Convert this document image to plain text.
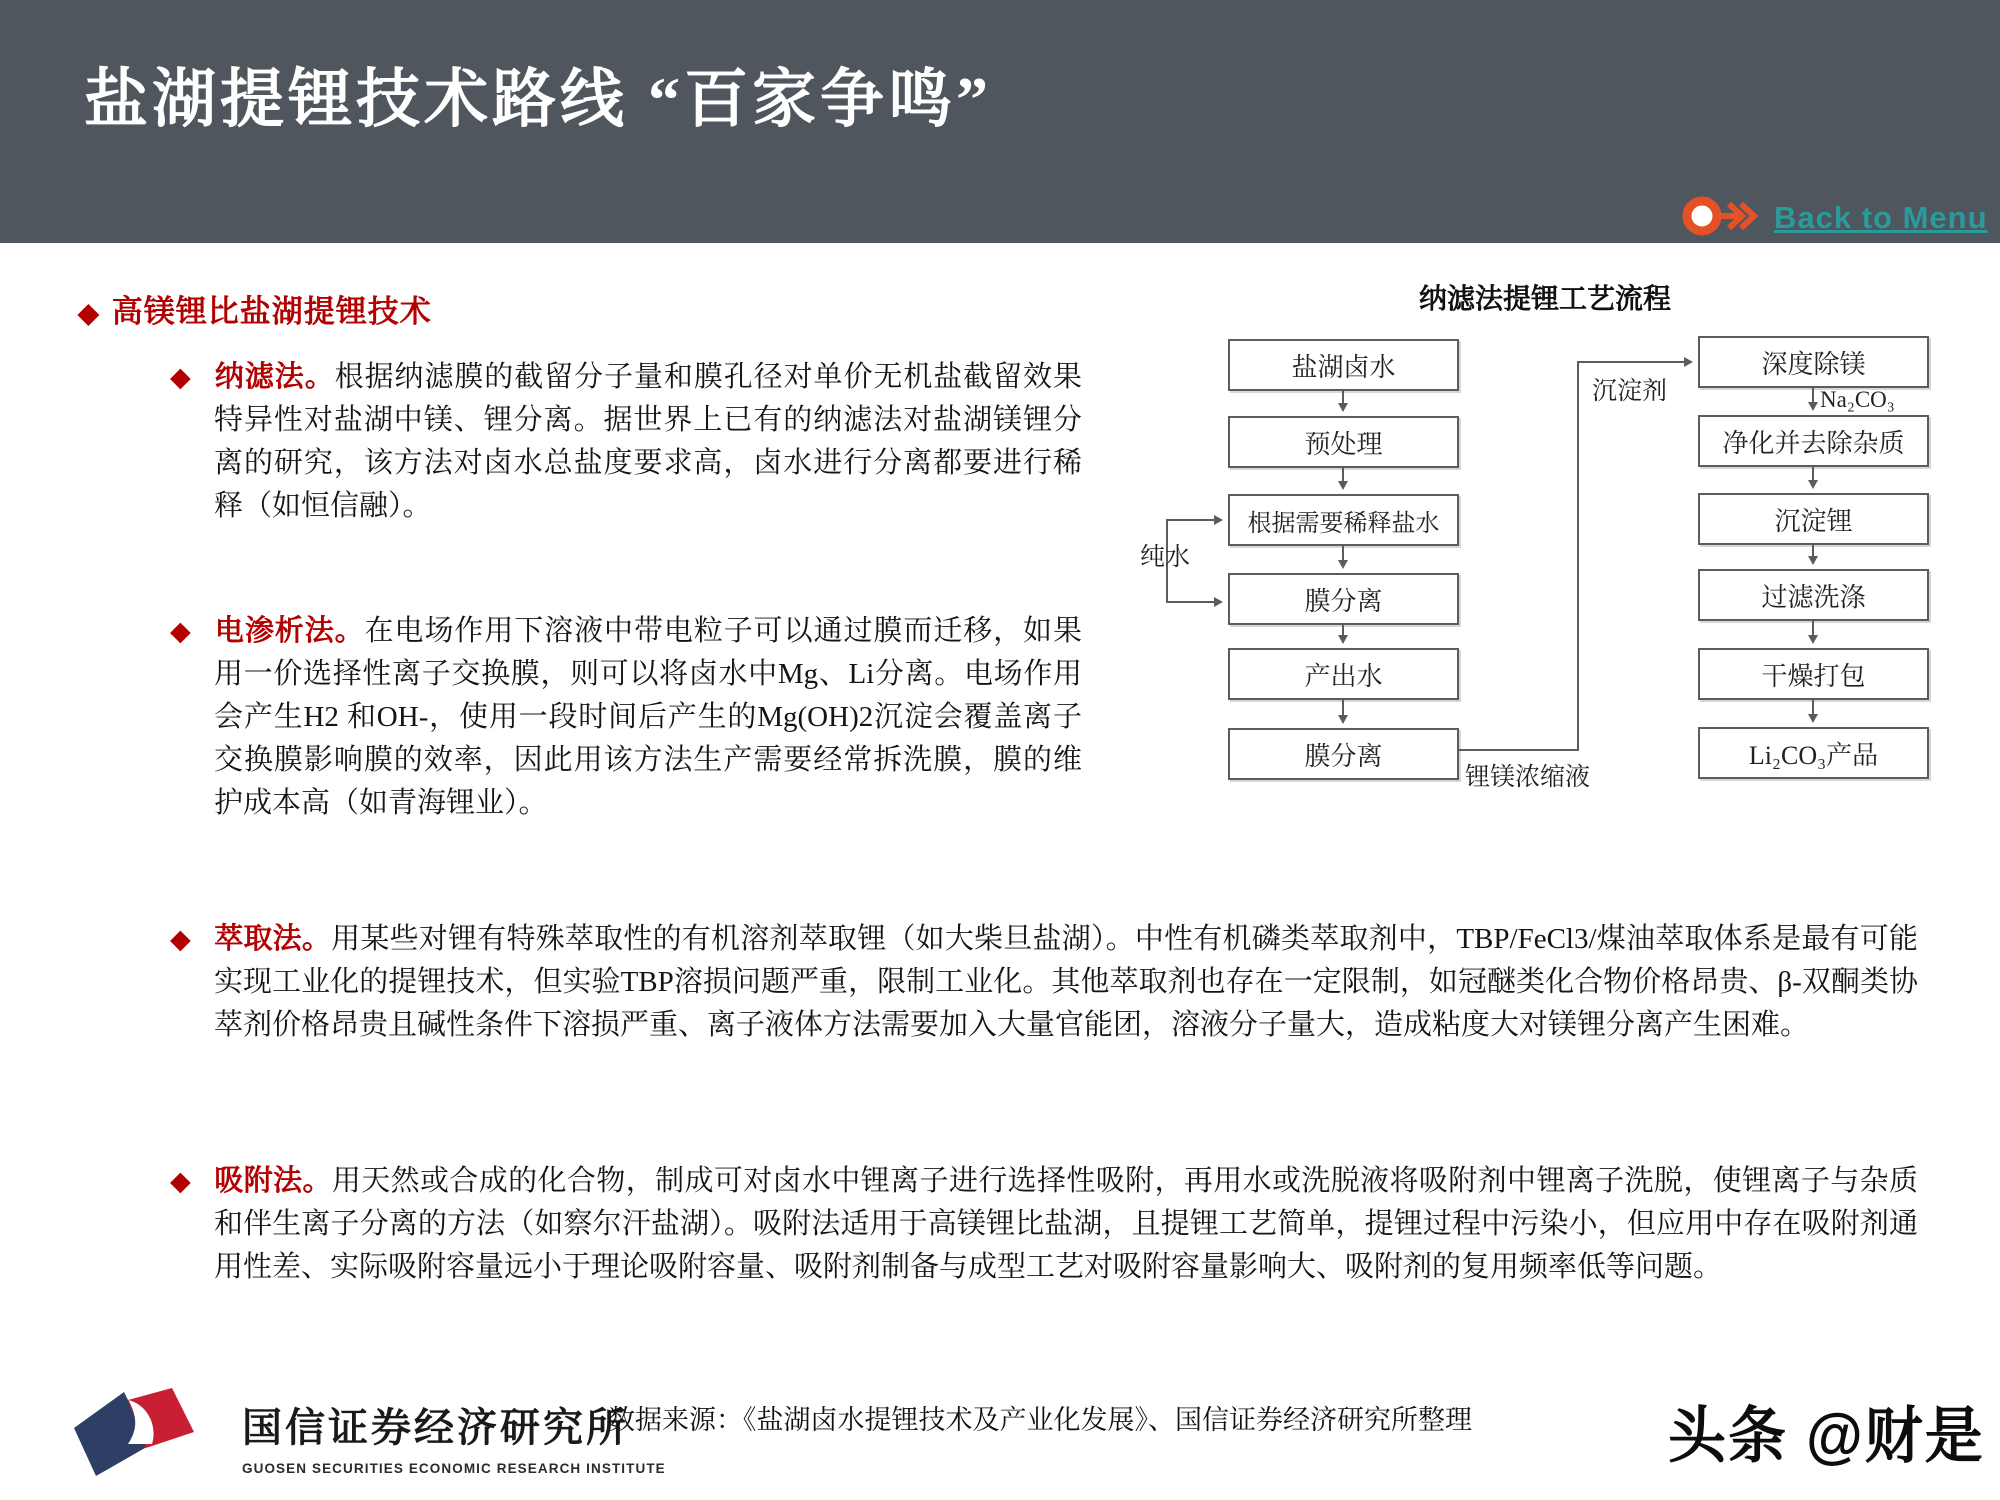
盐湖提锂技术路线 “百家争鸣”
Back to Menu
◆ 高镁锂比盐湖提锂技术
◆ 纳滤法。根据纳滤膜的截留分子量和膜孔径对单价无机盐截留效果特异性对盐湖中镁、锂分离。据世界上已有的纳滤法对盐湖镁锂分离的研究，该方法对卤水总盐度要求高，卤水进行分离都要进行稀释（如恒信融）。
◆ 电渗析法。在电场作用下溶液中带电粒子可以通过膜而迁移，如果用一价选择性离子交换膜，则可以将卤水中Mg、Li分离。电场作用会产生H2 和OH-，使用一段时间后产生的Mg(OH)2沉淀会覆盖离子交换膜影响膜的效率，因此用该方法生产需要经常拆洗膜，膜的维护成本高（如青海锂业）。
◆ 萃取法。用某些对锂有特殊萃取性的有机溶剂萃取锂（如大柴旦盐湖）。中性有机磷类萃取剂中，TBP/FeCl3/煤油萃取体系是最有可能实现工业化的提锂技术，但实验TBP溶损问题严重，限制工业化。其他萃取剂也存在一定限制，如冠醚类化合物价格昂贵、β-双酮类协萃剂价格昂贵且碱性条件下溶损严重、离子液体方法需要加入大量官能团，溶液分子量大，造成粘度大对镁锂分离产生困难。
◆ 吸附法。用天然或合成的化合物，制成可对卤水中锂离子进行选择性吸附，再用水或洗脱液将吸附剂中锂离子洗脱，使锂离子与杂质和伴生离子分离的方法（如察尔汗盐湖）。吸附法适用于高镁锂比盐湖，且提锂工艺简单，提锂过程中污染小，但应用中存在吸附剂通用性差、实际吸附容量远小于理论吸附容量、吸附剂制备与成型工艺对吸附容量影响大、吸附剂的复用频率低等问题。
纳滤法提锂工艺流程
盐湖卤水
预处理
根据需要稀释盐水
膜分离
产出水
膜分离
深度除镁
净化并去除杂质
沉淀锂
过滤洗涤
干燥打包
Li₂CO₃产品
纯水
沉淀剂	Na₂CO₃
锂镁浓缩液
国信证券经济研究所
GUOSEN SECURITIES ECONOMIC RESEARCH INSTITUTE
数据来源：《盐湖卤水提锂技术及产业化发展》、国信证券经济研究所整理	头条 @财是
